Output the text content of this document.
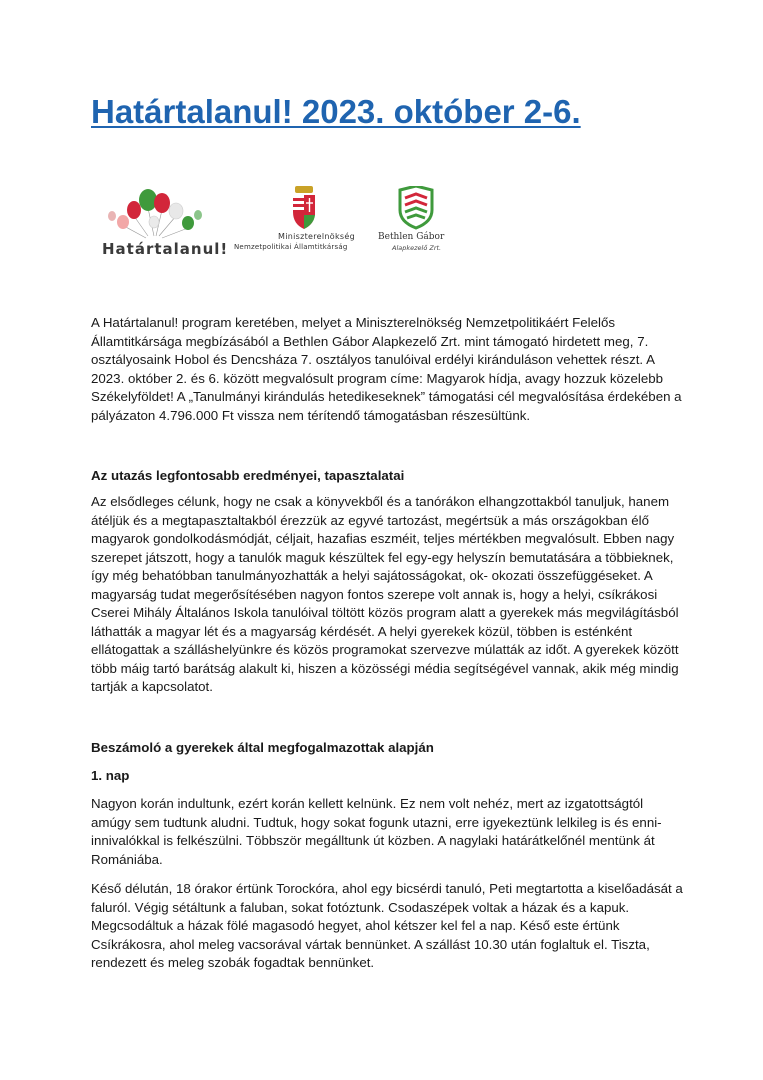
Határtalanul! 2023. október 2-6.
Határtalanul!
Miniszterelnökség
Nemzetpolitikai Államtitkárság
Bethlen Gábor
Alapkezelő Zrt.

A Határtalanul! program keretében, melyet a Miniszterelnökség Nemzetpolitikáért Felelős Államtitkársága megbízásából a Bethlen Gábor Alapkezelő Zrt. mint támogató hirdetett meg, 7. osztályosaink Hobol és Dencsháza 7. osztályos tanulóival erdélyi kiránduláson vehettek részt. A 2023. október 2. és 6. között megvalósult program címe: Magyarok hídja, avagy hozzuk közelebb Székelyföldet! A „Tanulmányi kirándulás hetedikeseknek” támogatási cél megvalósítása érdekében a pályázaton 4.796.000 Ft vissza nem térítendő támogatásban részesültünk.

Az utazás legfontosabb eredményei, tapasztalatai

Az elsődleges célunk, hogy ne csak a könyvekből és a tanórákon elhangzottakból tanuljuk, hanem átéljük és a megtapasztaltakból érezzük az egyvé tartozást, megértsük a más országokban élő magyarok gondolkodásmódját, céljait, hazafias eszméit, teljes mértékben megvalósult. Ebben nagy szerepet játszott, hogy a tanulók maguk készültek fel egy-egy helyszín bemutatására a többieknek, így még behatóbban tanulmányozhatták a helyi sajátosságokat, ok- okozati összefüggéseket. A magyarság tudat megerősítésében nagyon fontos szerepe volt annak is, hogy a helyi, csíkrákosi Cserei Mihály Általános Iskola tanulóival töltött közös program alatt a gyerekek más megvilágításból láthatták a magyar lét és a magyarság kérdését. A helyi gyerekek közül, többen is esténként ellátogattak a szálláshelyünkre és közös programokat szervezve múlatták az időt. A gyerekek között több máig tartó barátság alakult ki, hiszen a közösségi média segítségével vannak, akik még mindig tartják a kapcsolatot.

Beszámoló a gyerekek által megfogalmazottak alapján

1. nap

Nagyon korán indultunk, ezért korán kellett kelnünk. Ez nem volt nehéz, mert az izgatottságtól amúgy sem tudtunk aludni. Tudtuk, hogy sokat fogunk utazni, erre igyekeztünk lelkileg is és enni-innivalókkal is felkészülni. Többször megálltunk út közben. A nagylaki határátkelőnél mentünk át Romániába.

Késő délután, 18 órakor értünk Torockóra, ahol egy bicsérdi tanuló, Peti megtartotta a kiselőadását a faluról. Végig sétáltunk a faluban, sokat fotóztunk. Csodaszépek voltak a házak és a kapuk. Megcsodáltuk a házak fölé magasodó hegyet, ahol kétszer kel fel a nap. Késő este értünk Csíkrákosra, ahol meleg vacsorával vártak bennünket. A szállást 10.30 után foglaltuk el. Tiszta, rendezett és meleg szobák fogadtak bennünket.
